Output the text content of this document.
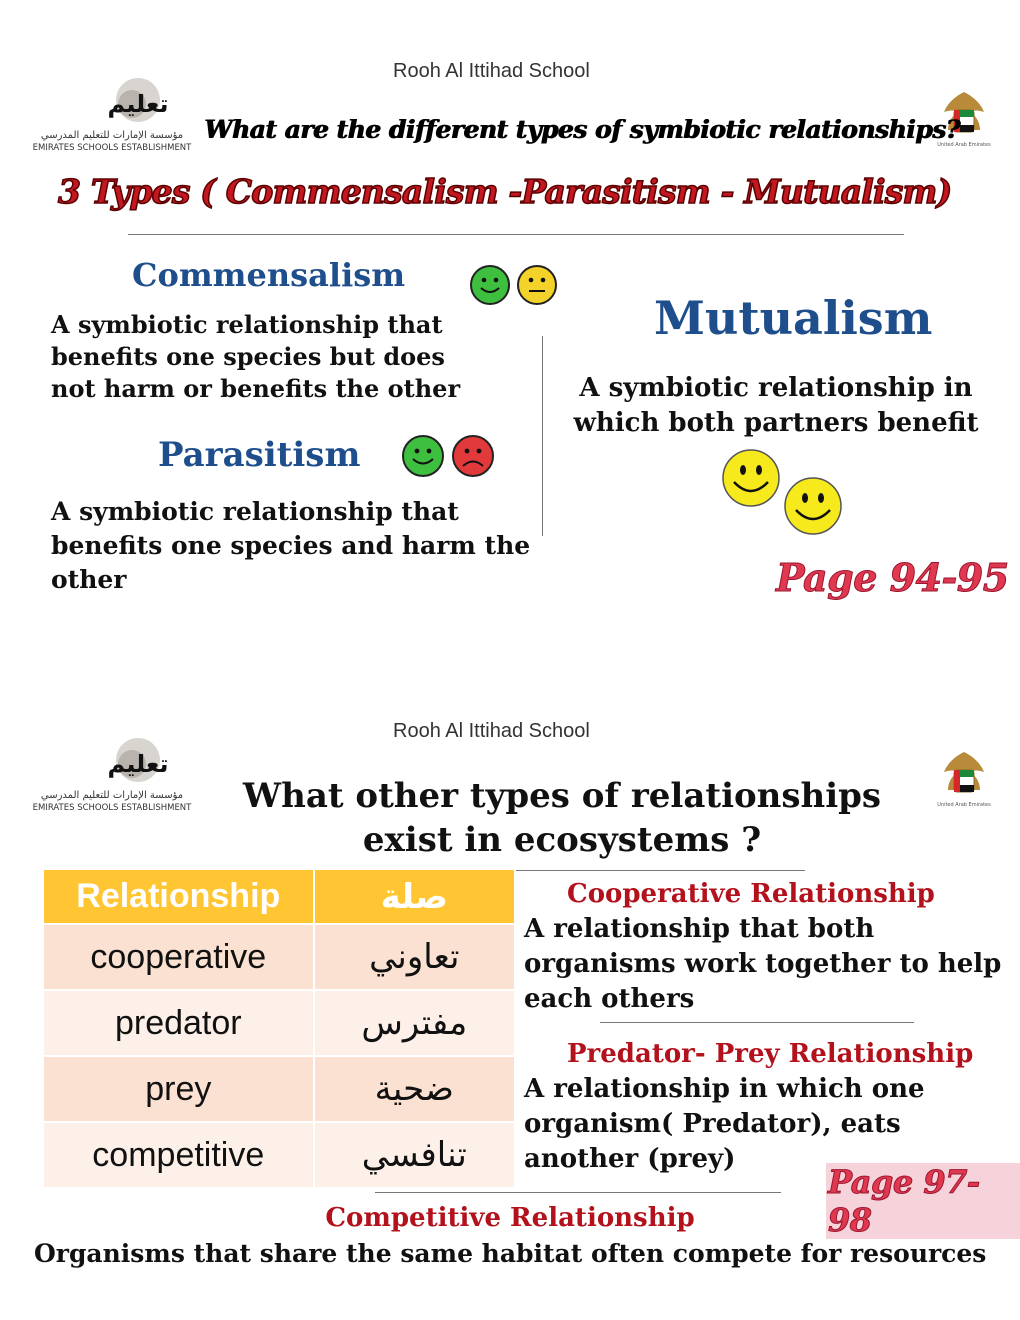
Rooh Al Ittihad School
تعليم
مؤسسة الإمارات للتعليم المدرسي
EMIRATES SCHOOLS ESTABLISHMENT	United Arab Emirates
What are the different types of symbiotic relationships?
3 Types ( Commensalism -Parasitism - Mutualism)
Commensalism
A symbiotic relationship that
benefits one species but does
not harm or benefits the other
Parasitism
A symbiotic relationship that
benefits one species and harm the
other
Mutualism
A symbiotic relationship in
which both partners benefit
Page 94-95
Rooh Al Ittihad School
تعليم
مؤسسة الإمارات للتعليم المدرسي
EMIRATES SCHOOLS ESTABLISHMENT	United Arab Emirates
What other types of relationships
exist in ecosystems ?
Relationship	صلة
cooperative	تعاوني
predator	مفترس
prey	ضحية
competitive	تنافسي
Cooperative Relationship
A relationship that both
organisms work together to help
each others
Predator- Prey Relationship
A relationship in which one
organism( Predator), eats
another (prey)
Page 97-98
Competitive Relationship
Organisms that share the same habitat often compete for resources
